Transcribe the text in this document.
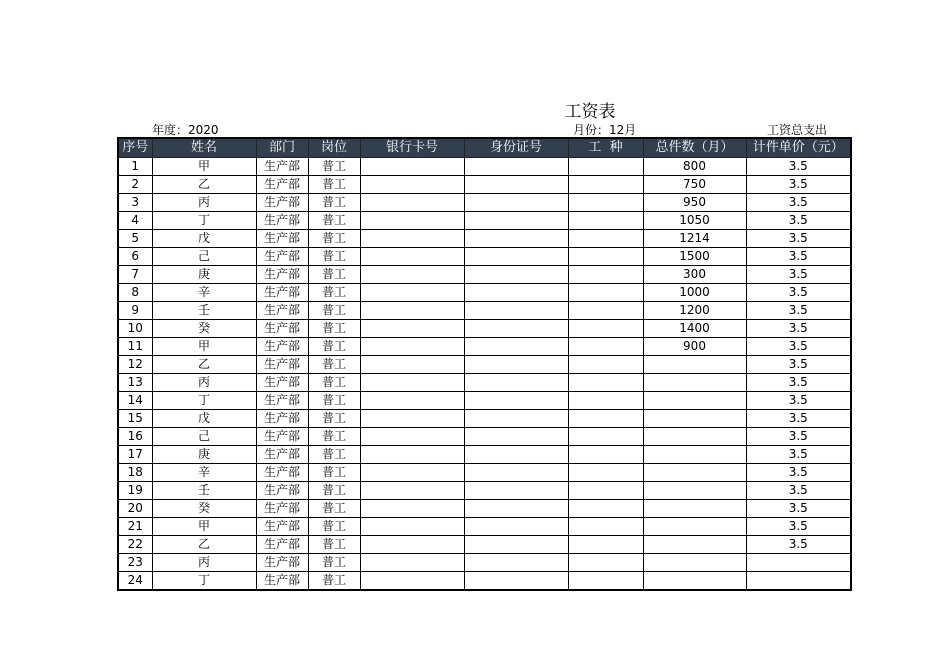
工资表
年度：2020	月份：12月	工资总支出
序号	姓名	部门	岗位	银行卡号	身份证号	工  种	总件数（月）	计件单价（元）
1	甲	生产部	普工				800	3.5
2	乙	生产部	普工				750	3.5
3	丙	生产部	普工				950	3.5
4	丁	生产部	普工				1050	3.5
5	戊	生产部	普工				1214	3.5
6	己	生产部	普工				1500	3.5
7	庚	生产部	普工				300	3.5
8	辛	生产部	普工				1000	3.5
9	壬	生产部	普工				1200	3.5
10	癸	生产部	普工				1400	3.5
11	甲	生产部	普工				900	3.5
12	乙	生产部	普工					3.5
13	丙	生产部	普工					3.5
14	丁	生产部	普工					3.5
15	戊	生产部	普工					3.5
16	己	生产部	普工					3.5
17	庚	生产部	普工					3.5
18	辛	生产部	普工					3.5
19	壬	生产部	普工					3.5
20	癸	生产部	普工					3.5
21	甲	生产部	普工					3.5
22	乙	生产部	普工					3.5
23	丙	生产部	普工					
24	丁	生产部	普工					
